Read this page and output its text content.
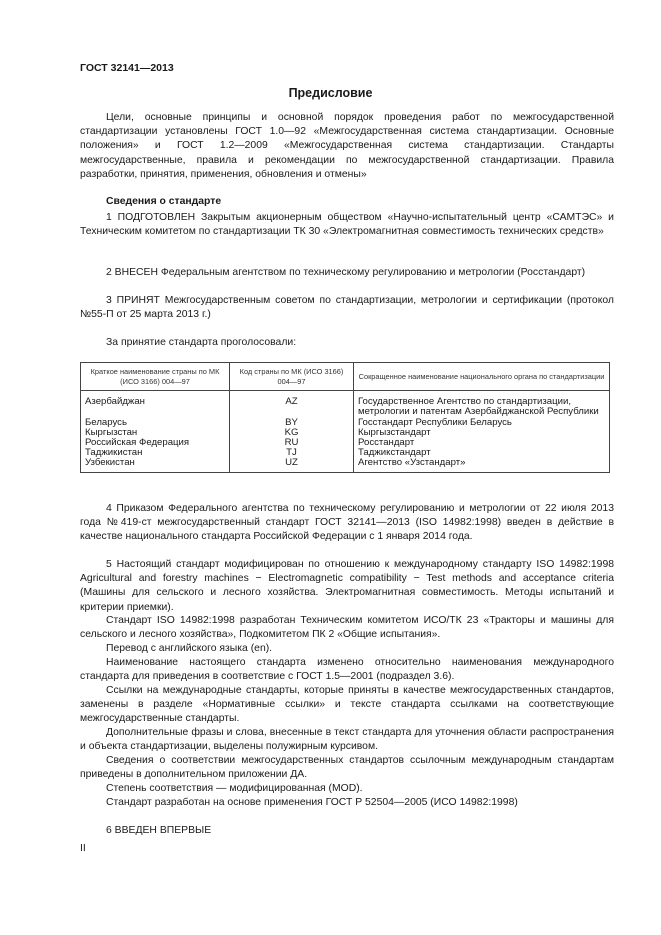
ГОСТ 32141—2013
Предисловие

Цели, основные принципы и основной порядок проведения работ по межгосударственной стандартизации установлены ГОСТ 1.0—92 «Межгосударственная система стандартизации. Основные положения» и ГОСТ 1.2—2009 «Межгосударственная система стандартизации. Стандарты межгосударственные, правила и рекомендации по межгосударственной стандартизации. Правила разработки, принятия, применения, обновления и отмены»

Сведения о стандарте

1 ПОДГОТОВЛЕН Закрытым акционерным обществом «Научно-испытательный центр «САМТЭС» и Техническим комитетом по стандартизации ТК 30 «Электромагнитная совместимость технических средств»

2 ВНЕСЕН Федеральным агентством по техническому регулированию и метрологии (Росстандарт)

3 ПРИНЯТ Межгосударственным советом по стандартизации, метрологии и сертификации (протокол №55-П от 25 марта 2013 г.)

За принятие стандарта проголосовали:

Краткое наименование страны по МК (ИСО 3166) 004—97	Код страны по МК (ИСО 3166) 004—97	Сокращенное наименование национального органа по стандартизации

Азербайджан	AZ	Государственное Агентство по стандартизации, метрологии и патентам Азербайджанской Республики
Беларусь	BY	Госстандарт Республики Беларусь
Кыргызстан	KG	Кыргызстандарт
Российская Федерация	RU	Росстандарт
Таджикистан	TJ	Таджикстандарт
Узбекистан	UZ	Агентство «Узстандарт»

4 Приказом Федерального агентства по техническому регулированию и метрологии от 22 июля 2013 года №419-ст межгосударственный стандарт ГОСТ 32141—2013 (ISO 14982:1998) введен в действие в качестве национального стандарта Российской Федерации с 1 января 2014 года.

5 Настоящий стандарт модифицирован по отношению к международному стандарту ISO 14982:1998 Agricultural and forestry machines − Electromagnetic compatibility − Test methods and acceptance criteria (Машины для сельского и лесного хозяйства. Электромагнитная совместимость. Методы испытаний и критерии приемки).

Стандарт ISO 14982:1998 разработан Техническим комитетом ИСО/ТК 23 «Тракторы и машины для сельского и лесного хозяйства», Подкомитетом ПК 2 «Общие испытания».

Перевод с английского языка (en).

Наименование настоящего стандарта изменено относительно наименования международного стандарта для приведения в соответствие с ГОСТ 1.5—2001 (подраздел 3.6).

Ссылки на международные стандарты, которые приняты в качестве межгосударственных стандартов, заменены в разделе «Нормативные ссылки» и тексте стандарта ссылками на соответствующие межгосударственные стандарты.

Дополнительные фразы и слова, внесенные в текст стандарта для уточнения области распространения и объекта стандартизации, выделены полужирным курсивом.

Сведения о соответствии межгосударственных стандартов ссылочным международным стандартам приведены в дополнительном приложении ДА.

Степень соответствия — модифицированная (MOD).

Стандарт разработан на основе применения ГОСТ Р 52504—2005 (ИСО 14982:1998)

6 ВВЕДЕН ВПЕРВЫЕ

II
